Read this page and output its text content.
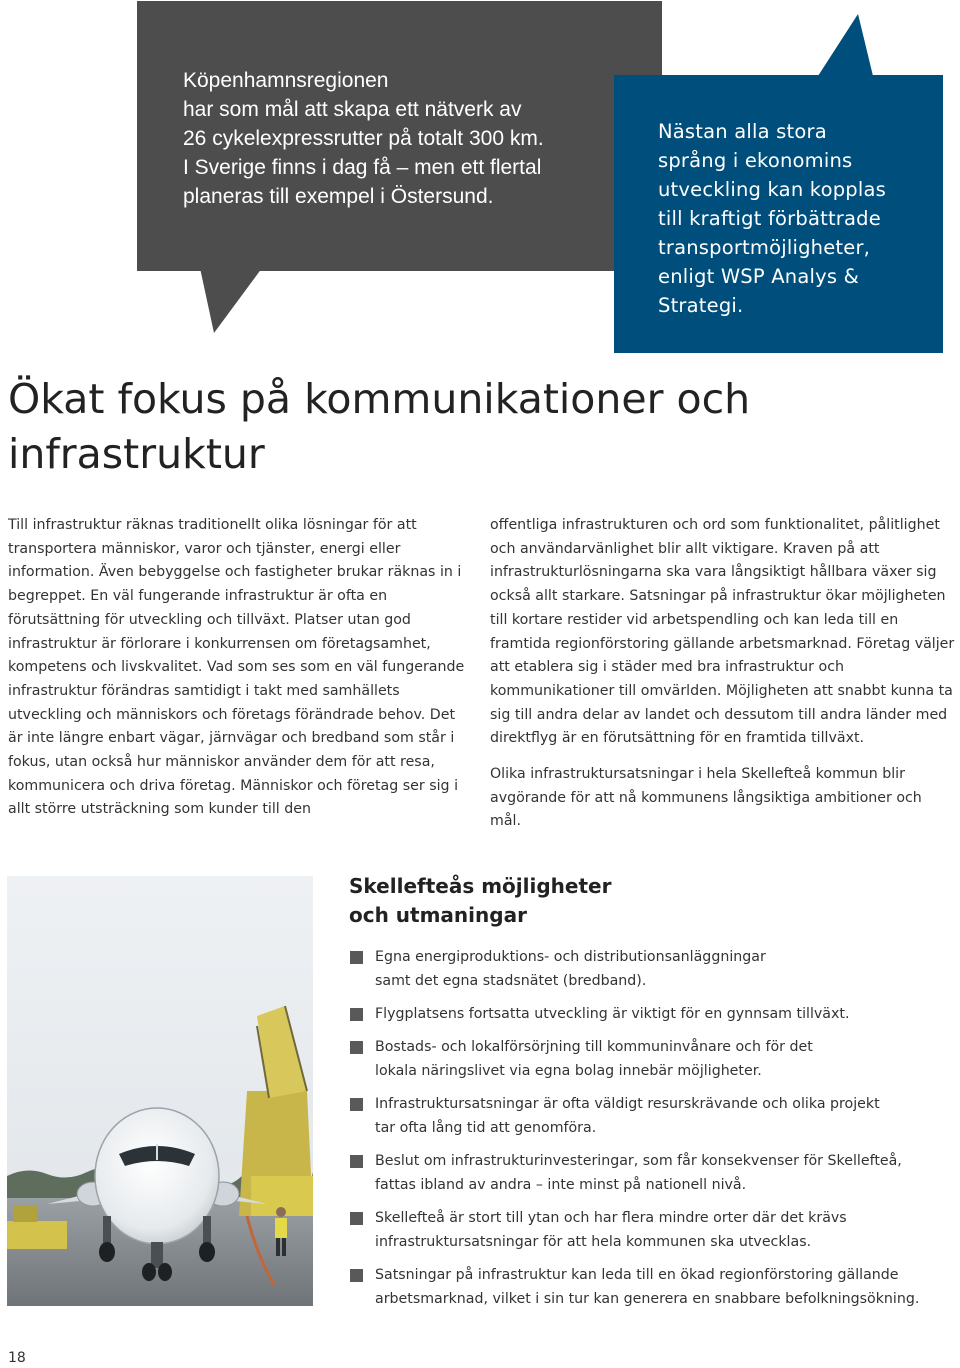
Köpenhamnsregionen
har som mål att skapa ett nätverk av
26 cykelexpressrutter på totalt 300 km.
I Sverige finns i dag få – men ett flertal
planeras till exempel i Östersund.
Nästan alla stora
språng i ekonomins
utveckling kan kopplas
till kraftigt förbättrade
transportmöjligheter,
enligt WSP Analys &
Strategi.
Ökat fokus på kommunikationer och infrastruktur

Till infrastruktur räknas traditionellt olika lösningar för att transportera människor, varor och tjänster, energi eller information. Även bebyggelse och fastigheter brukar räknas in i begreppet. En väl fungerande infrastruktur är ofta en förutsättning för utveckling och tillväxt. Platser utan god infrastruktur är förlorare i konkurrensen om företagsamhet, kompetens och livskvalitet. Vad som ses som en väl fungerande infrastruktur förändras samtidigt i takt med samhällets utveckling och människors och företags förändrade behov. Det är inte längre enbart vägar, järnvägar och bredband som står i fokus, utan också hur människor använder dem för att resa, kommunicera och driva företag. Människor och företag ser sig i allt större utsträckning som kunder till den

offentliga infrastrukturen och ord som funktionalitet, pålitlighet och användarvänlighet blir allt viktigare. Kraven på att infrastrukturlösningarna ska vara långsiktigt hållbara växer sig också allt starkare. Satsningar på infrastruktur ökar möjligheten till kortare restider vid arbetspendling och kan leda till en framtida regionförstoring gällande arbetsmarknad. Företag väljer att etablera sig i städer med bra infrastruktur och kommunikationer till omvärlden. Möjligheten att snabbt kunna ta sig till andra delar av landet och dessutom till andra länder med direktflyg är en förutsättning för en framtida tillväxt.

Olika infrastruktursatsningar i hela Skellefteå kommun blir avgörande för att nå kommunens långsiktiga ambitioner och mål.

Skellefteås möjligheter
och utmaningar
Egna energiproduktions- och distributionsanläggningar
samt det egna stadsnätet (bredband).
Flygplatsens fortsatta utveckling är viktigt för en gynnsam tillväxt.
Bostads- och lokalförsörjning till kommuninvånare och för det
lokala näringslivet via egna bolag innebär möjligheter.
Infrastruktursatsningar är ofta väldigt resurskrävande och olika projekt
tar ofta lång tid att genomföra.
Beslut om infrastrukturinvesteringar, som får konsekvenser för Skellefteå,
fattas ibland av andra – inte minst på nationell nivå.
Skellefteå är stort till ytan och har flera mindre orter där det krävs
infrastruktursatsningar för att hela kommunen ska utvecklas.
Satsningar på infrastruktur kan leda till en ökad regionförstoring gällande
arbetsmarknad, vilket i sin tur kan generera en snabbare befolkningsökning.
18
